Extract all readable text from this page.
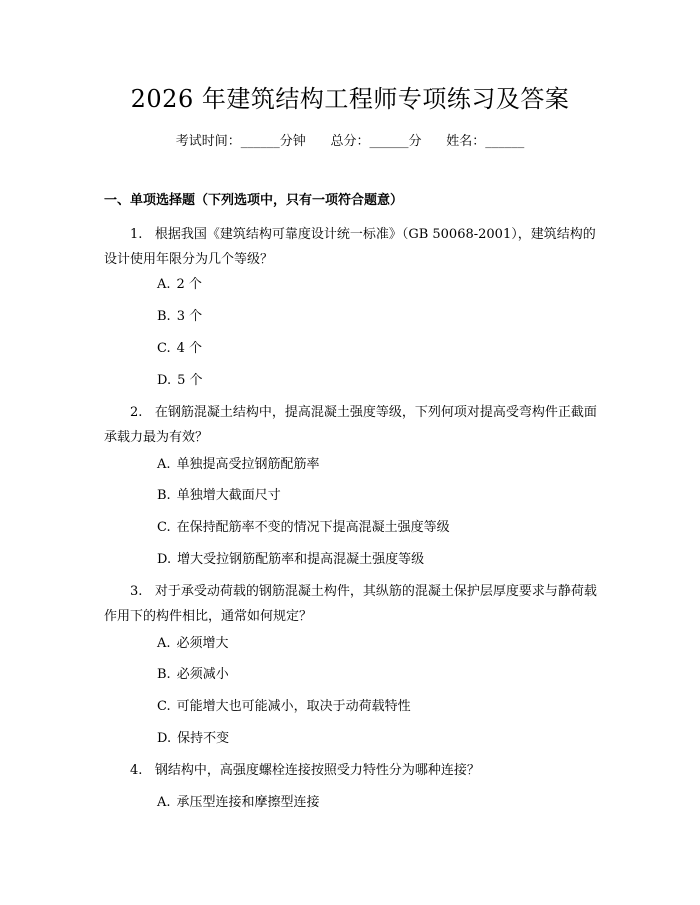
2026 年建筑结构工程师专项练习及答案
考试时间：______分钟      总分：______分      姓名：______
一、单项选择题（下列选项中，只有一项符合题意）
1. 根据我国《建筑结构可靠度设计统一标准》（GB 50068-2001），建筑结构的设计使用年限分为几个等级？
A. 2 个
B. 3 个
C. 4 个
D. 5 个
2. 在钢筋混凝土结构中，提高混凝土强度等级，下列何项对提高受弯构件正截面承载力最为有效？
A. 单独提高受拉钢筋配筋率
B. 单独增大截面尺寸
C. 在保持配筋率不变的情况下提高混凝土强度等级
D. 增大受拉钢筋配筋率和提高混凝土强度等级
3. 对于承受动荷载的钢筋混凝土构件，其纵筋的混凝土保护层厚度要求与静荷载作用下的构件相比，通常如何规定？
A. 必须增大
B. 必须减小
C. 可能增大也可能减小，取决于动荷载特性
D. 保持不变
4. 钢结构中，高强度螺栓连接按照受力特性分为哪种连接？
A. 承压型连接和摩擦型连接
